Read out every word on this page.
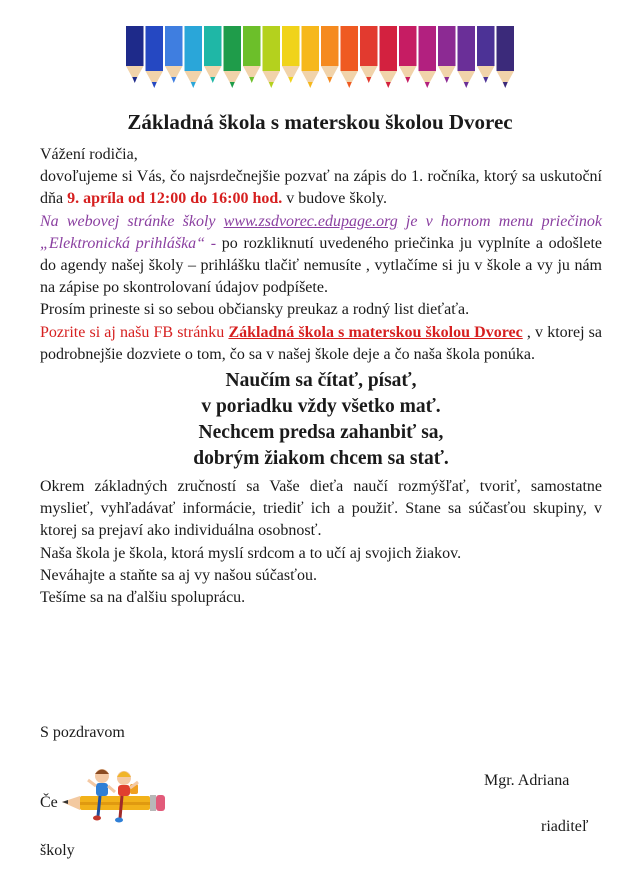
Základná škola s materskou školou Dvorec

Vážení rodičia,

dovoľujeme si Vás, čo najsrdečnejšie pozvať na zápis do 1. ročníka, ktorý sa uskutoční dňa 9. apríla od 12:00 do 16:00 hod. v budove školy.

Na webovej stránke školy www.zsdvorec.edupage.org je v hornom menu priečinok „Elektronická prihláška“ - po rozkliknutí uvedeného priečinka ju vyplníte a odošlete do agendy našej školy – prihlášku tlačiť nemusíte , vytlačíme si ju v škole a vy ju nám na zápise po skontrolovaní údajov podpíšete.

Prosím prineste si so sebou občiansky preukaz a rodný list dieťaťa.

Pozrite si aj našu FB stránku Základná škola s materskou školou Dvorec , v ktorej sa podrobnejšie dozviete o tom, čo sa v našej škole deje a čo naša škola ponúka.

Naučím sa čítať, písať,
v poriadku vždy všetko mať.
Nechcem predsa zahanbiť sa,
dobrým žiakom chcem sa stať.

Okrem základných zručností sa Vaše dieťa naučí rozmýšľať, tvoriť, samostatne myslieť, vyhľadávať informácie, triediť ich a použiť. Stane sa súčasťou skupiny, v ktorej sa prejaví ako individuálna osobnosť.

Naša škola je škola, ktorá myslí srdcom a to učí aj svojich žiakov.

Neváhajte a staňte sa aj vy našou súčasťou.

Tešíme sa na ďalšiu spoluprácu.

S pozdravom
Mgr. Adriana
Če
riaditeľ
školy
